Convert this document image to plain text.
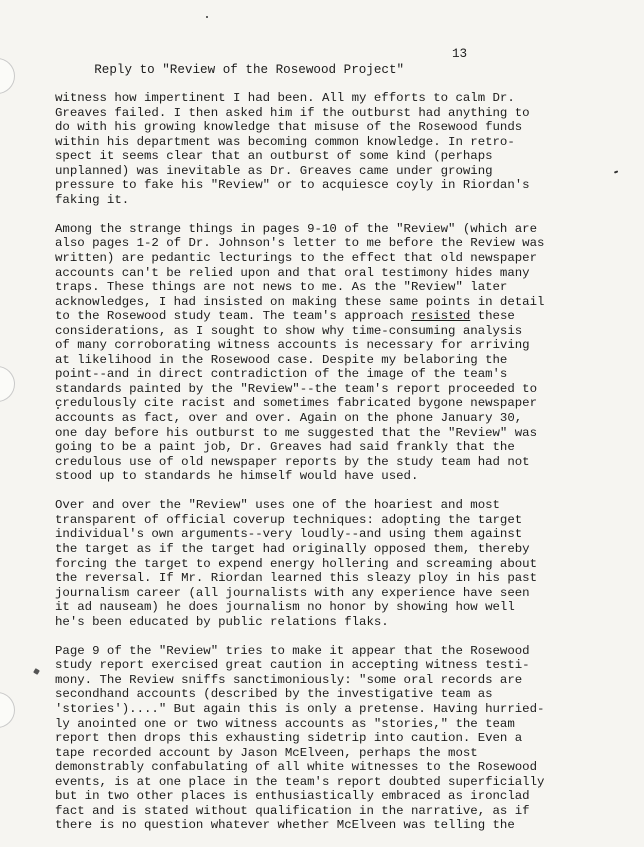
Reply to "Review of the Rosewood Project"

13

witness how impertinent I had been. All my efforts to calm Dr.
Greaves failed. I then asked him if the outburst had anything to
do with his growing knowledge that misuse of the Rosewood funds
within his department was becoming common knowledge. In retro-
spect it seems clear that an outburst of some kind (perhaps
unplanned) was inevitable as Dr. Greaves came under growing
pressure to fake his "Review" or to acquiesce coyly in Riordan's
faking it.
Among the strange things in pages 9-10 of the "Review" (which are
also pages 1-2 of Dr. Johnson's letter to me before the Review was
written) are pedantic lecturings to the effect that old newspaper
accounts can't be relied upon and that oral testimony hides many
traps. These things are not news to me. As the "Review" later
acknowledges, I had insisted on making these same points in detail
to the Rosewood study team. The team's approach resisted these
considerations, as I sought to show why time-consuming analysis
of many corroborating witness accounts is necessary for arriving
at likelihood in the Rosewood case. Despite my belaboring the
point--and in direct contradiction of the image of the team's
standards painted by the "Review"--the team's report proceeded to
credulously cite racist and sometimes fabricated bygone newspaper
accounts as fact, over and over. Again on the phone January 30,
one day before his outburst to me suggested that the "Review" was
going to be a paint job, Dr. Greaves had said frankly that the
credulous use of old newspaper reports by the study team had not
stood up to standards he himself would have used.
Over and over the "Review" uses one of the hoariest and most
transparent of official coverup techniques: adopting the target
individual's own arguments--very loudly--and using them against
the target as if the target had originally opposed them, thereby
forcing the target to expend energy hollering and screaming about
the reversal. If Mr. Riordan learned this sleazy ploy in his past
journalism career (all journalists with any experience have seen
it ad nauseam) he does journalism no honor by showing how well
he's been educated by public relations flaks.
Page 9 of the "Review" tries to make it appear that the Rosewood
study report exercised great caution in accepting witness testi-
mony. The Review sniffs sanctimoniously: "some oral records are
secondhand accounts (described by the investigative team as
'stories')...." But again this is only a pretense. Having hurried-
ly anointed one or two witness accounts as "stories," the team
report then drops this exhausting sidetrip into caution. Even a
tape recorded account by Jason McElveen, perhaps the most
demonstrably confabulating of all white witnesses to the Rosewood
events, is at one place in the team's report doubted superficially
but in two other places is enthusiastically embraced as ironclad
fact and is stated without qualification in the narrative, as if
there is no question whatever whether McElveen was telling the
